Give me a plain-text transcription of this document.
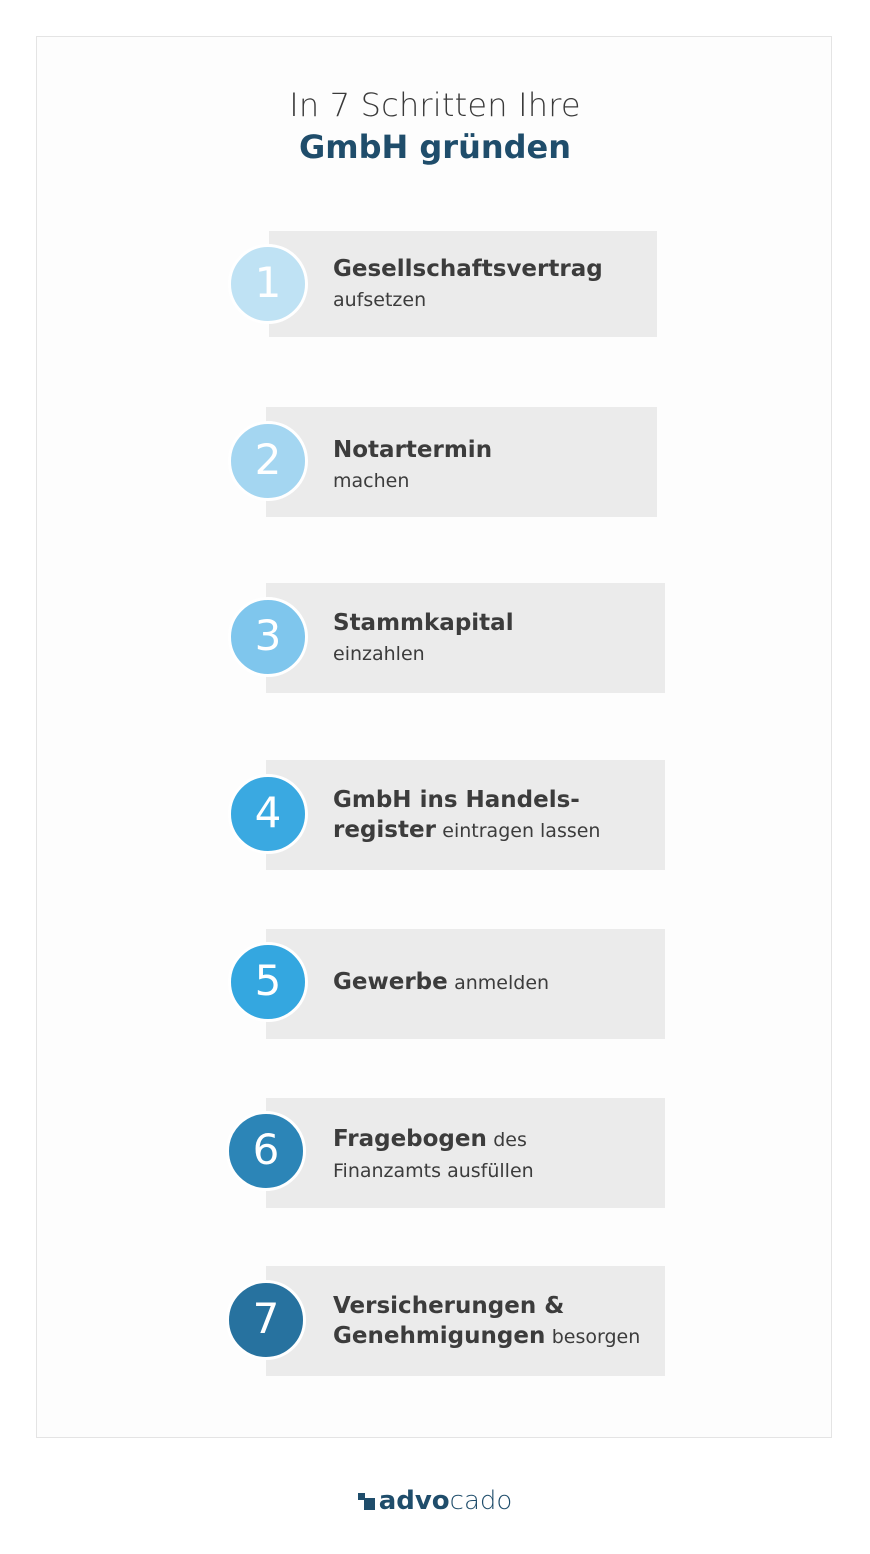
In 7 Schritten Ihre
GmbH gründen
1	Gesellschaftsvertrag
aufsetzen
2	Notartermin
machen
3	Stammkapital
einzahlen
4	GmbH ins Handels-
register eintragen lassen
5	Gewerbe anmelden
6	Fragebogen des
Finanzamts ausfüllen
7	Versicherungen &
Genehmigungen besorgen
advocado
